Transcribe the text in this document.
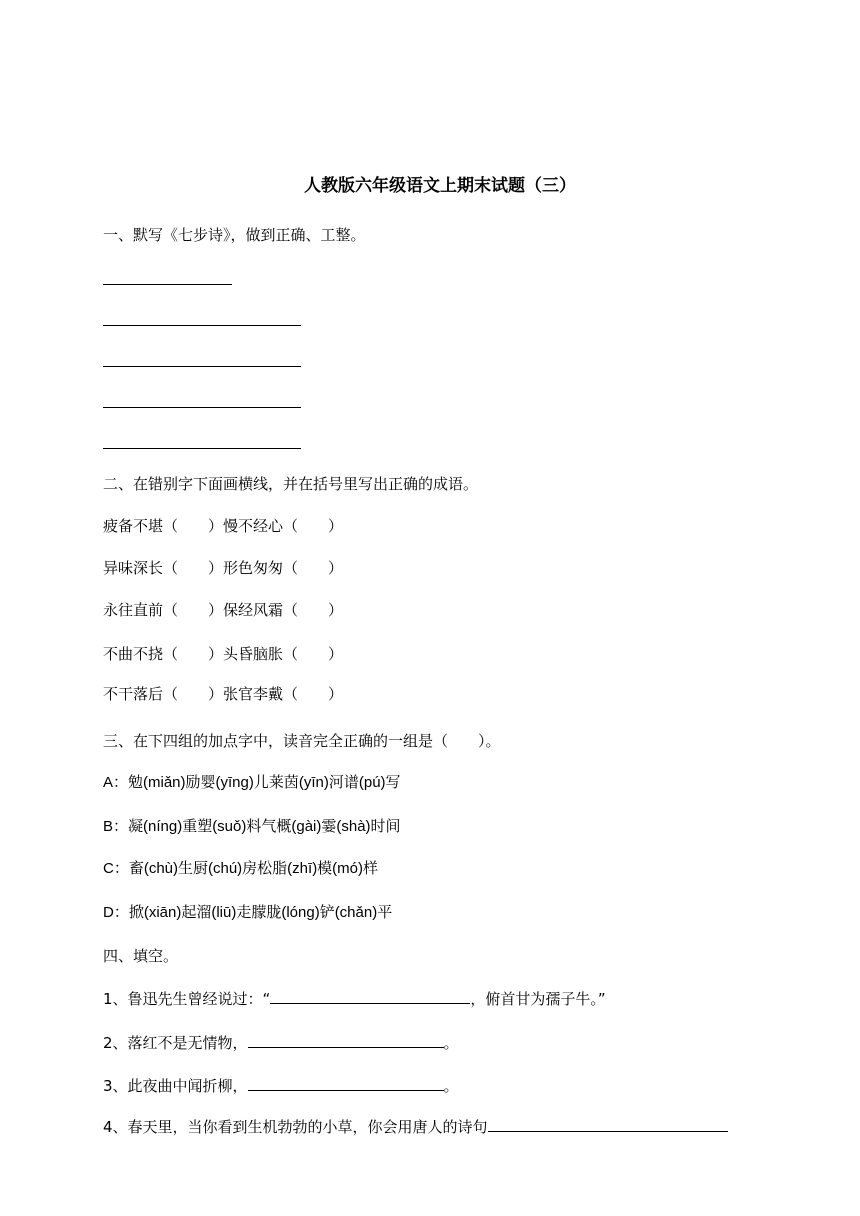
人教版六年级语文上期末试题（三）
一、默写《七步诗》，做到正确、工整。
二、在错别字下面画横线，并在括号里写出正确的成语。
疲备不堪（　　）慢不经心（　　）
异味深长（　　）形色匆匆（　　）
永往直前（　　）保经风霜（　　）
不曲不挠（　　）头昏脑胀（　　）
不干落后（　　）张官李戴（　　）
三、在下四组的加点字中，读音完全正确的一组是（　　）。
A：勉(miǎn)励婴(yīng)儿莱茵(yīn)河谱(pú)写
B：凝(níng)重塑(suǒ)料气概(gài)霎(shà)时间
C：畜(chù)生厨(chú)房松脂(zhī)模(mó)样
D：掀(xiān)起溜(liū)走朦胧(lóng)铲(chǎn)平
四、填空。
1、鲁迅先生曾经说过：“	，俯首甘为孺子牛。”
2、落红不是无情物，	。
3、此夜曲中闻折柳，	。
4、春天里，当你看到生机勃勃的小草，你会用唐人的诗句
